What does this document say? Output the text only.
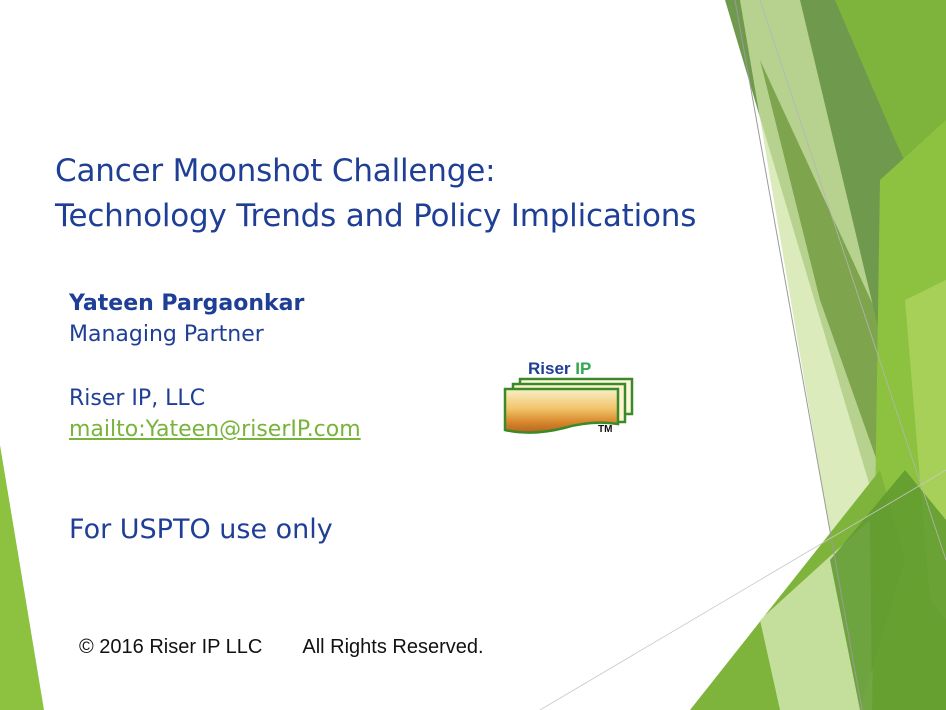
Cancer Moonshot Challenge:

Technology Trends and Policy Implications

Yateen Pargaonkar

Managing Partner

Riser IP, LLC

mailto:Yateen@riserIP.com

For USPTO use only

Riser IP
TM
© 2016 Riser IP LLC All Rights Reserved.
